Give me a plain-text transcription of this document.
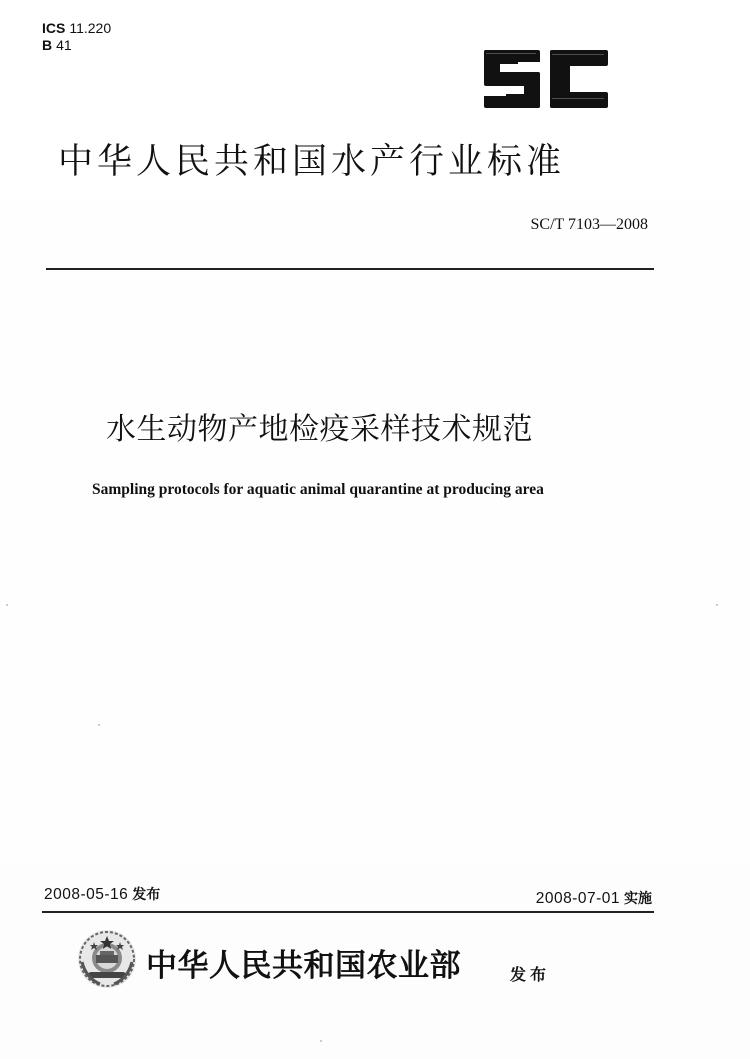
ICS 11.220
B 41
中华人民共和国水产行业标准
SC/T 7103—2008
水生动物产地检疫采样技术规范
Sampling protocols for aquatic animal quarantine at producing area
2008-05-16 发布	2008-07-01 实施
中华人民共和国农业部	发布
